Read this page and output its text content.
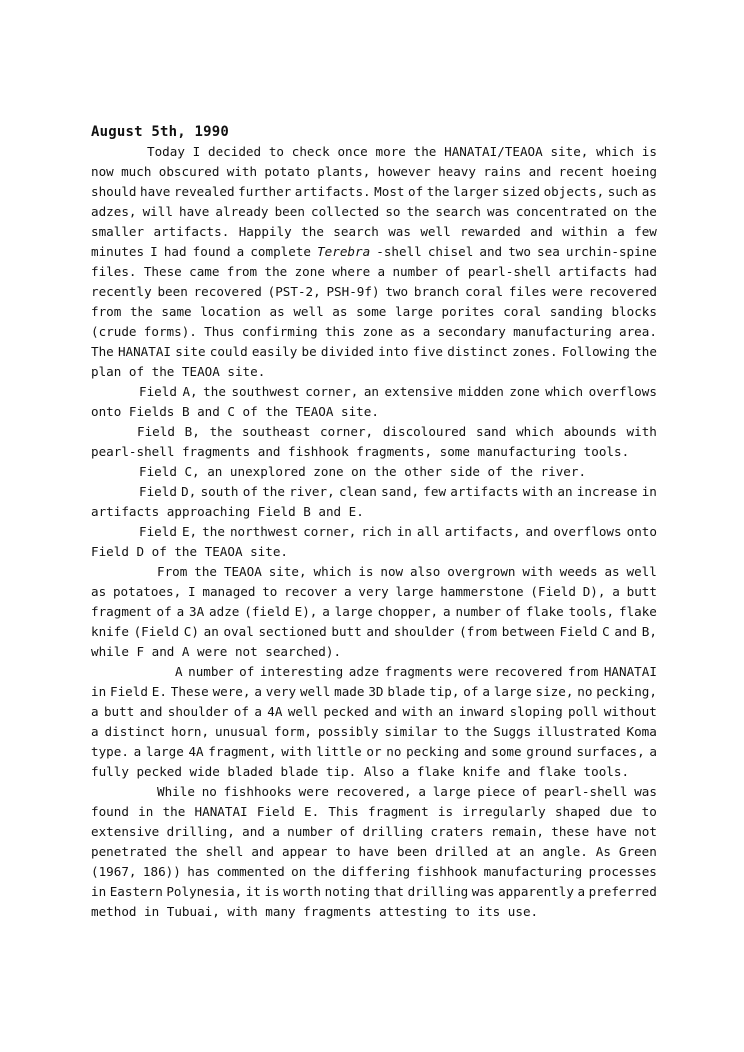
August 5th, 1990
Today I decided to check once more the HANATAI/TEAOA site, which is
now much obscured with potato plants, however heavy rains and recent hoeing
should have revealed further artifacts. Most of the larger sized objects, such as
adzes, will have already been collected so the search was concentrated on the
smaller artifacts. Happily the search was well rewarded and within a few
minutes I had found a complete Terebra -shell chisel and two sea urchin-spine
files. These came from the zone where a number of pearl-shell artifacts had
recently been recovered (PST-2, PSH-9f) two branch coral files were recovered
from the same location as well as some large porites coral sanding blocks
(crude forms). Thus confirming this zone as a secondary manufacturing area.
The HANATAI site could easily be divided into five distinct zones. Following the
plan of the TEAOA site.
Field A, the southwest corner, an extensive midden zone which overflows
onto Fields B and C of the TEAOA site.
Field B, the southeast corner, discoloured sand which abounds with
pearl-shell fragments and fishhook fragments, some manufacturing tools.
Field C, an unexplored zone on the other side of the river.
Field D, south of the river, clean sand, few artifacts with an increase in
artifacts approaching Field B and E.
Field E, the northwest corner, rich in all artifacts, and overflows onto
Field D of the TEAOA site.
From the TEAOA site, which is now also overgrown with weeds as well
as potatoes, I managed to recover a very large hammerstone (Field D), a butt
fragment of a 3A adze (field E), a large chopper, a number of flake tools, flake
knife (Field C) an oval sectioned butt and shoulder (from between Field C and B,
while F and A were not searched).
A number of interesting adze fragments were recovered from HANATAI
in Field E. These were, a very well made 3D blade tip, of a large size, no pecking,
a butt and shoulder of a 4A well pecked and with an inward sloping poll without
a distinct horn, unusual form, possibly similar to the Suggs illustrated Koma
type. a large 4A fragment, with little or no pecking and some ground surfaces, a
fully pecked wide bladed blade tip. Also a flake knife and flake tools.
While no fishhooks were recovered, a large piece of pearl-shell was
found in the HANATAI Field E. This fragment is irregularly shaped due to
extensive drilling, and a number of drilling craters remain, these have not
penetrated the shell and appear to have been drilled at an angle. As Green
(1967, 186)) has commented on the differing fishhook manufacturing processes
in Eastern Polynesia, it is worth noting that drilling was apparently a preferred
method in Tubuai, with many fragments attesting to its use.
